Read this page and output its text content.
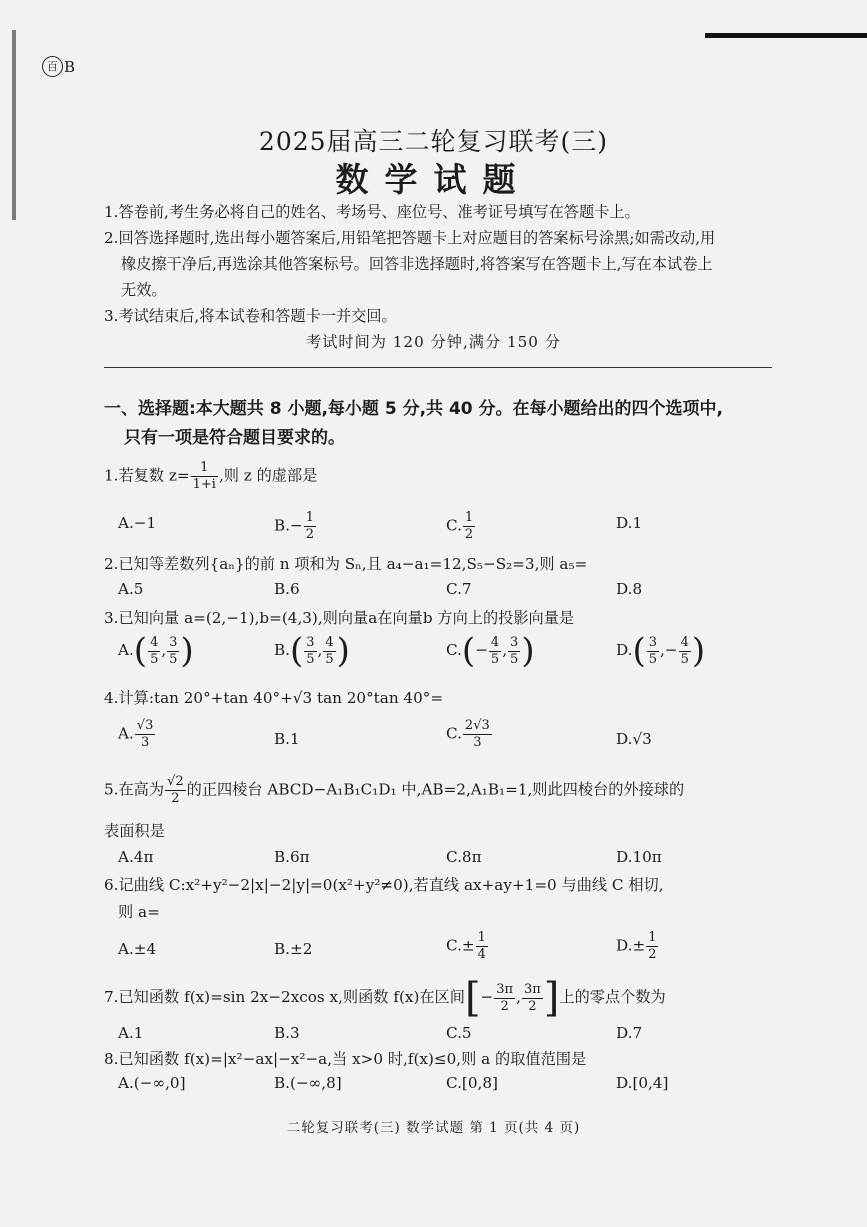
百 B
2025届高三二轮复习联考(三)
数学试题

1.答卷前,考生务必将自己的姓名、考场号、座位号、准考证号填写在答题卡上。

2.回答选择题时,选出每小题答案后,用铅笔把答题卡上对应题目的答案标号涂黑;如需改动,用

橡皮擦干净后,再选涂其他答案标号。回答非选择题时,将答案写在答题卡上,写在本试卷上

无效。

3.考试结束后,将本试卷和答题卡一并交回。

考试时间为 120 分钟,满分 150 分
一、选择题:本大题共 8 小题,每小题 5 分,共 40 分。在每小题给出的四个选项中,
只有一项是符合题目要求的。
1.若复数 $z= \frac{1}{1+i}$ ,则 z 的虚部是
A.−1	$B.- \frac{1}{2}$	C. $\frac{1}{2}$	D.1
2.已知等差数列{aₙ}的前 n 项和为 Sₙ,且 a₄−a₁=12,S₅−S₂=3,则 a₅=
A.5	B.6	C.7	D.8
3.已知向量 a=(2,−1),b=(4,3),则向量a在向量b 方向上的投影向量是
$A.( \frac{4}{5}$ , $\frac{3}{5}$ )	$B.( \frac{3}{5}$ , $\frac{4}{5}$ )	$C.(- \frac{4}{5}$ , $\frac{3}{5}$ )	$D.( \frac{3}{5}$ ,− $\frac{4}{5}$ )
4.计算:tan 20°+tan 40°+√3 tan 20°tan 40°=
A. $\frac{√3}{3}$	B.1	C. $\frac{2√3}{3}$	D.√3
5.在高为 $\frac{√2}{2}$ 的正四棱台 ABCD−A₁B₁C₁D₁ 中,AB=2,A₁B₁=1,则此四棱台的外接球的
表面积是
A.4π	B.6π	C.8π	D.10π
6.记曲线 C:x²+y²−2|x|−2|y|=0(x²+y²≠0),若直线 ax+ay+1=0 与曲线 C 相切,
则 a=
A.±4	B.±2	$C.\pm \frac{1}{4}$	$D.\pm \frac{1}{2}$
7.已知函数 f(x)=sin 2x−2xcos x,则函数 f(x)在区间[− $\frac{3\pi}{2}$ , $\frac{3\pi}{2}$ ]上的零点个数为
A.1	B.3	C.5	D.7
8.已知函数 f(x)=|x²−ax|−x²−a,当 x>0 时,f(x)≤0,则 a 的取值范围是
A.(−∞,0]	B.(−∞,8]	C.[0,8]	D.[0,4]
二轮复习联考(三) 数学试题 第 1 页(共 4 页)
